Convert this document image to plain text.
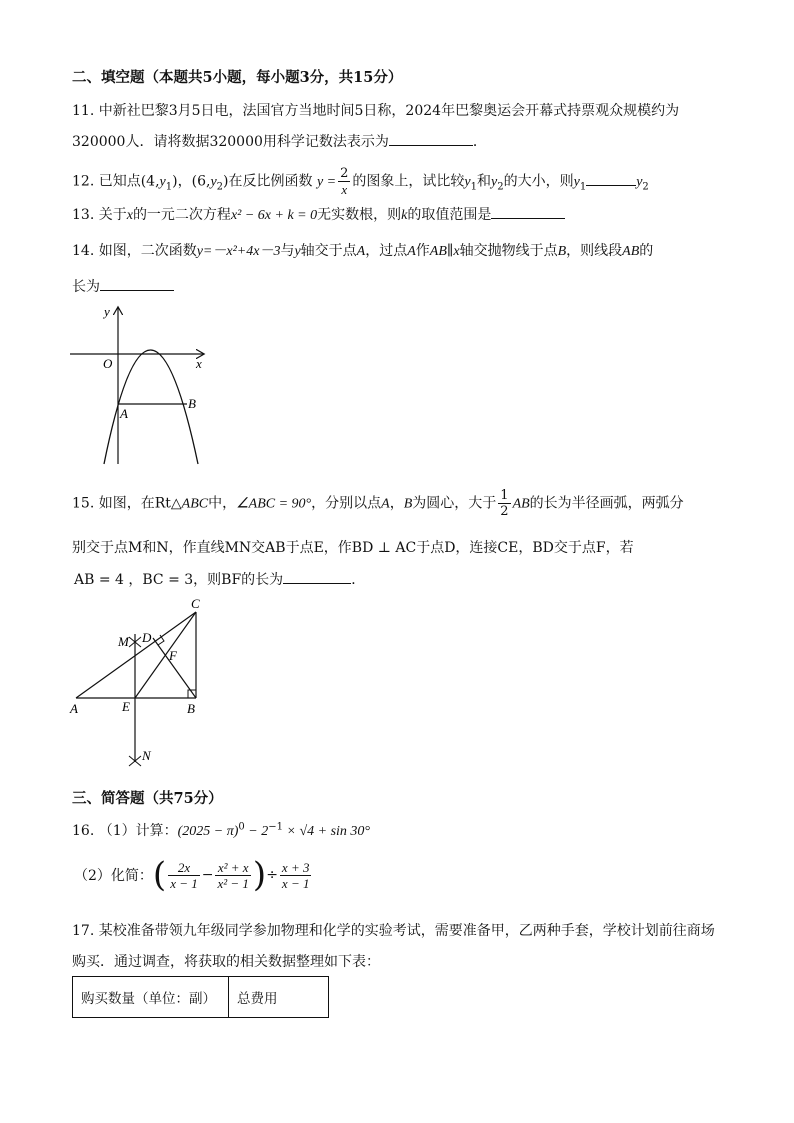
二、填空题（本题共5小题，每小题3分，共15分）
11. 中新社巴黎3月5日电，法国官方当地时间5日称，2024年巴黎奥运会开幕式持票观众规模约为
320000人．请将数据320000用科学记数法表示为	．
12. 已知点$(4,y_1)$，$(6,y_2)$在反比例函数 $y = \frac{2}{x}$ 的图象上，试比较$y_1$和$y_2$的大小，则$y_1$	$y_2$
13. 关于x的一元二次方程x² − 6x + k = 0无实数根，则k的取值范围是
14. 如图，二次函数y=－x²+4x－3与y轴交于点A，过点A作AB∥x轴交抛物线于点B，则线段AB的
长为
y
x
O
A
B
15. 如图，在Rt△ABC中，∠ABC = 90°，分别以点A，B为圆心，大于 $\frac{1}{2}$ AB的长为半径画弧，两弧分
别交于点M和N，作直线MN交AB于点E，作BD ⊥ AC于点D，连接CE，BD交于点F，若
AB = 4 ，BC = 3，则BF的长为	．
C
M D
F
A	E	B
N
三、简答题（共75分）
16. （1）计算：$(2025 - \pi)^0 - 2^{-1} \times √4 + \sin 30^\circ$
（2）化简：( $\frac{2x}{x - 1} - \frac{\text{x² + x}}{\text{x² − 1}}$ )÷ $\frac{x + 3}{x - 1}$
17. 某校准备带领九年级同学参加物理和化学的实验考试，需要准备甲，乙两种手套，学校计划前往商场
购买．通过调查，将获取的相关数据整理如下表：
购买数量（单位：副）	总费用
